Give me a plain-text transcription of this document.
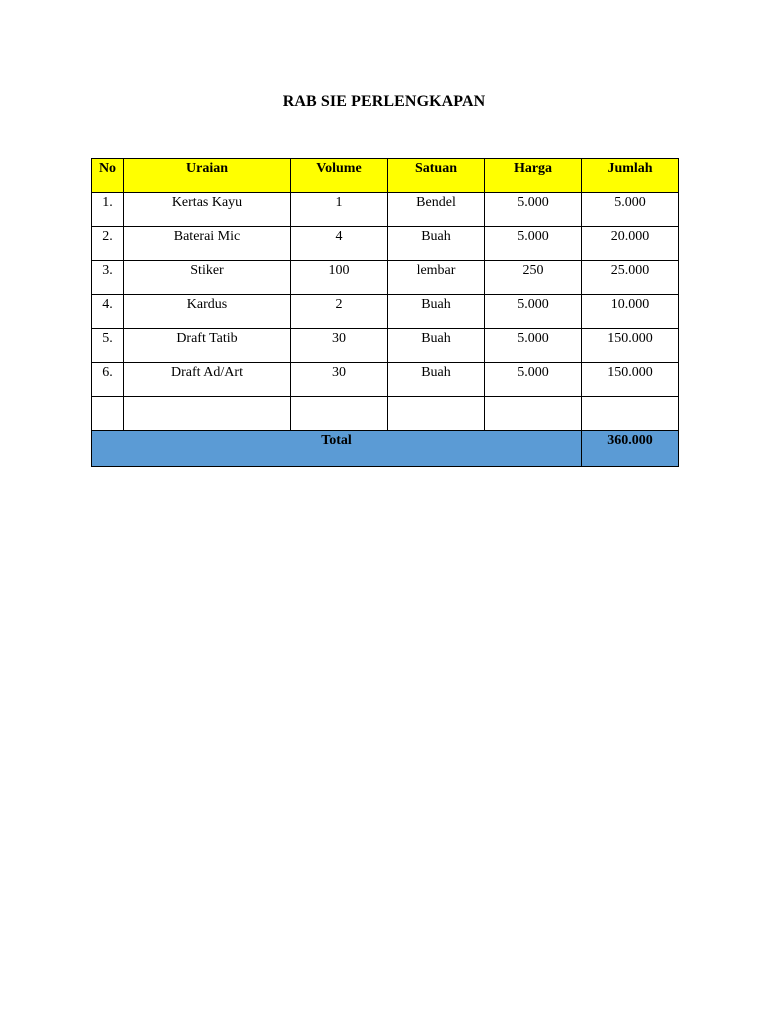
RAB SIE PERLENGKAPAN
No	Uraian	Volume	Satuan	Harga	Jumlah
1.	Kertas Kayu	1	Bendel	5.000	5.000
2.	Baterai Mic	4	Buah	5.000	20.000
3.	Stiker	100	lembar	250	25.000
4.	Kardus	2	Buah	5.000	10.000
5.	Draft Tatib	30	Buah	5.000	150.000
6.	Draft Ad/Art	30	Buah	5.000	150.000

Total					360.000
